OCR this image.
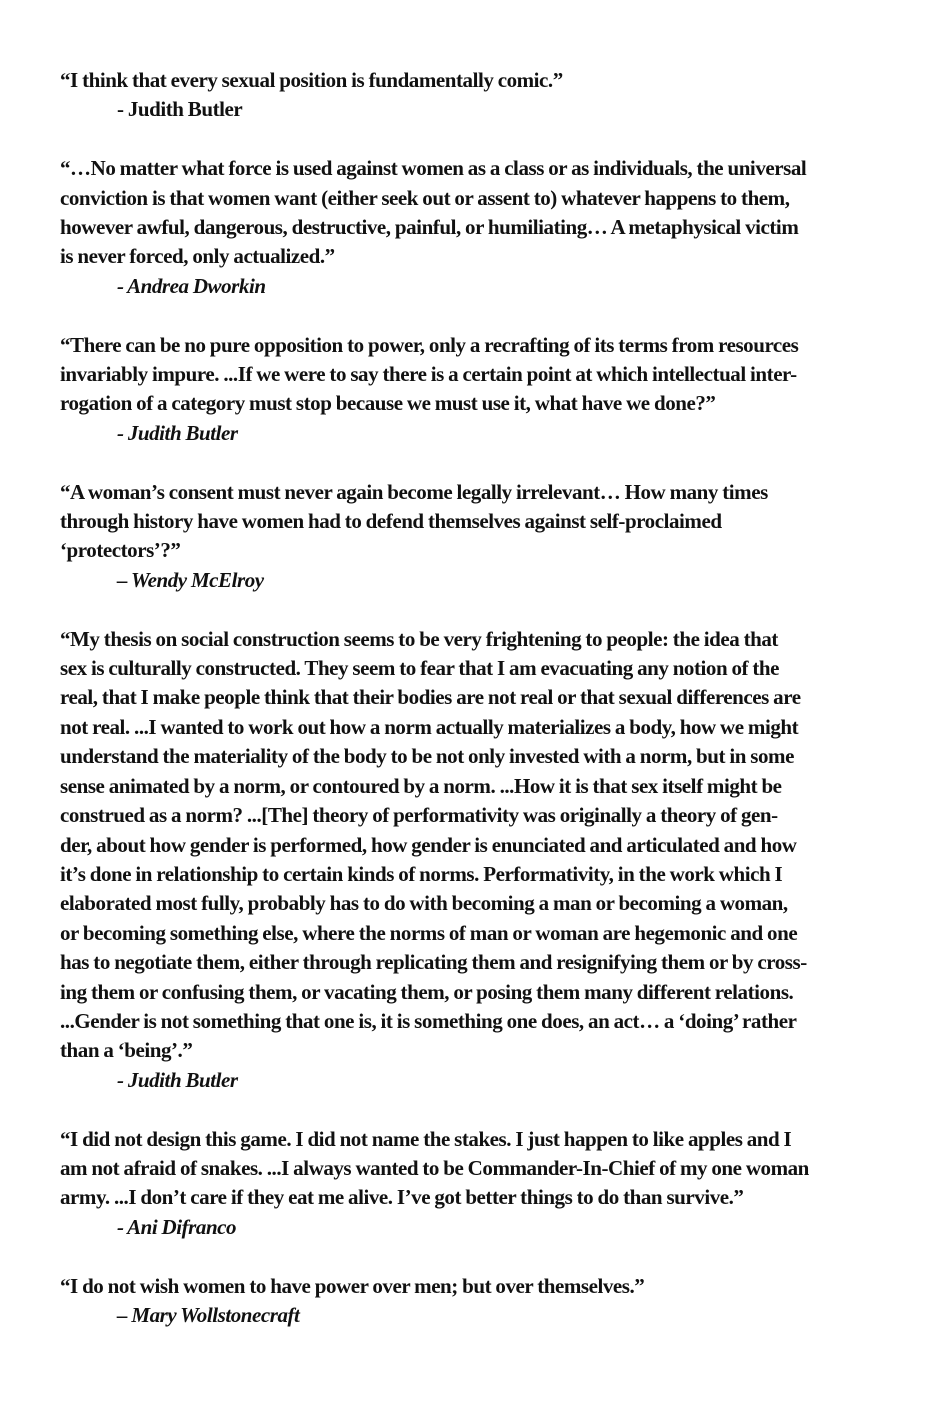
“I think that every sexual position is fundamentally comic.”

- Judith Butler

“…No matter what force is used against women as a class or as individuals, the universal
conviction is that women want (either seek out or assent to) whatever happens to them,
however awful, dangerous, destructive, painful, or humiliating… A metaphysical victim
is never forced, only actualized.”

- Andrea Dworkin

“There can be no pure opposition to power, only a recrafting of its terms from resources
invariably impure. ...If we were to say there is a certain point at which intellectual inter-
rogation of a category must stop because we must use it, what have we done?”

- Judith Butler

“A woman’s consent must never again become legally irrelevant… How many times
through history have women had to defend themselves against self-proclaimed
‘protectors’?”

– Wendy McElroy

“My thesis on social construction seems to be very frightening to people: the idea that
sex is culturally constructed. They seem to fear that I am evacuating any notion of the
real, that I make people think that their bodies are not real or that sexual differences are
not real. ...I wanted to work out how a norm actually materializes a body, how we might
understand the materiality of the body to be not only invested with a norm, but in some
sense animated by a norm, or contoured by a norm. ...How it is that sex itself might be
construed as a norm? ...[The] theory of performativity was originally a theory of gen-
der, about how gender is performed, how gender is enunciated and articulated and how
it’s done in relationship to certain kinds of norms. Performativity, in the work which I
elaborated most fully, probably has to do with becoming a man or becoming a woman,
or becoming something else, where the norms of man or woman are hegemonic and one
has to negotiate them, either through replicating them and resignifying them or by cross-
ing them or confusing them, or vacating them, or posing them many different relations.
...Gender is not something that one is, it is something one does, an act… a ‘doing’ rather
than a ‘being’.”

- Judith Butler

“I did not design this game. I did not name the stakes. I just happen to like apples and I
am not afraid of snakes. ...I always wanted to be Commander-In-Chief of my one woman
army. ...I don’t care if they eat me alive. I’ve got better things to do than survive.”

- Ani Difranco

“I do not wish women to have power over men; but over themselves.”

– Mary Wollstonecraft
